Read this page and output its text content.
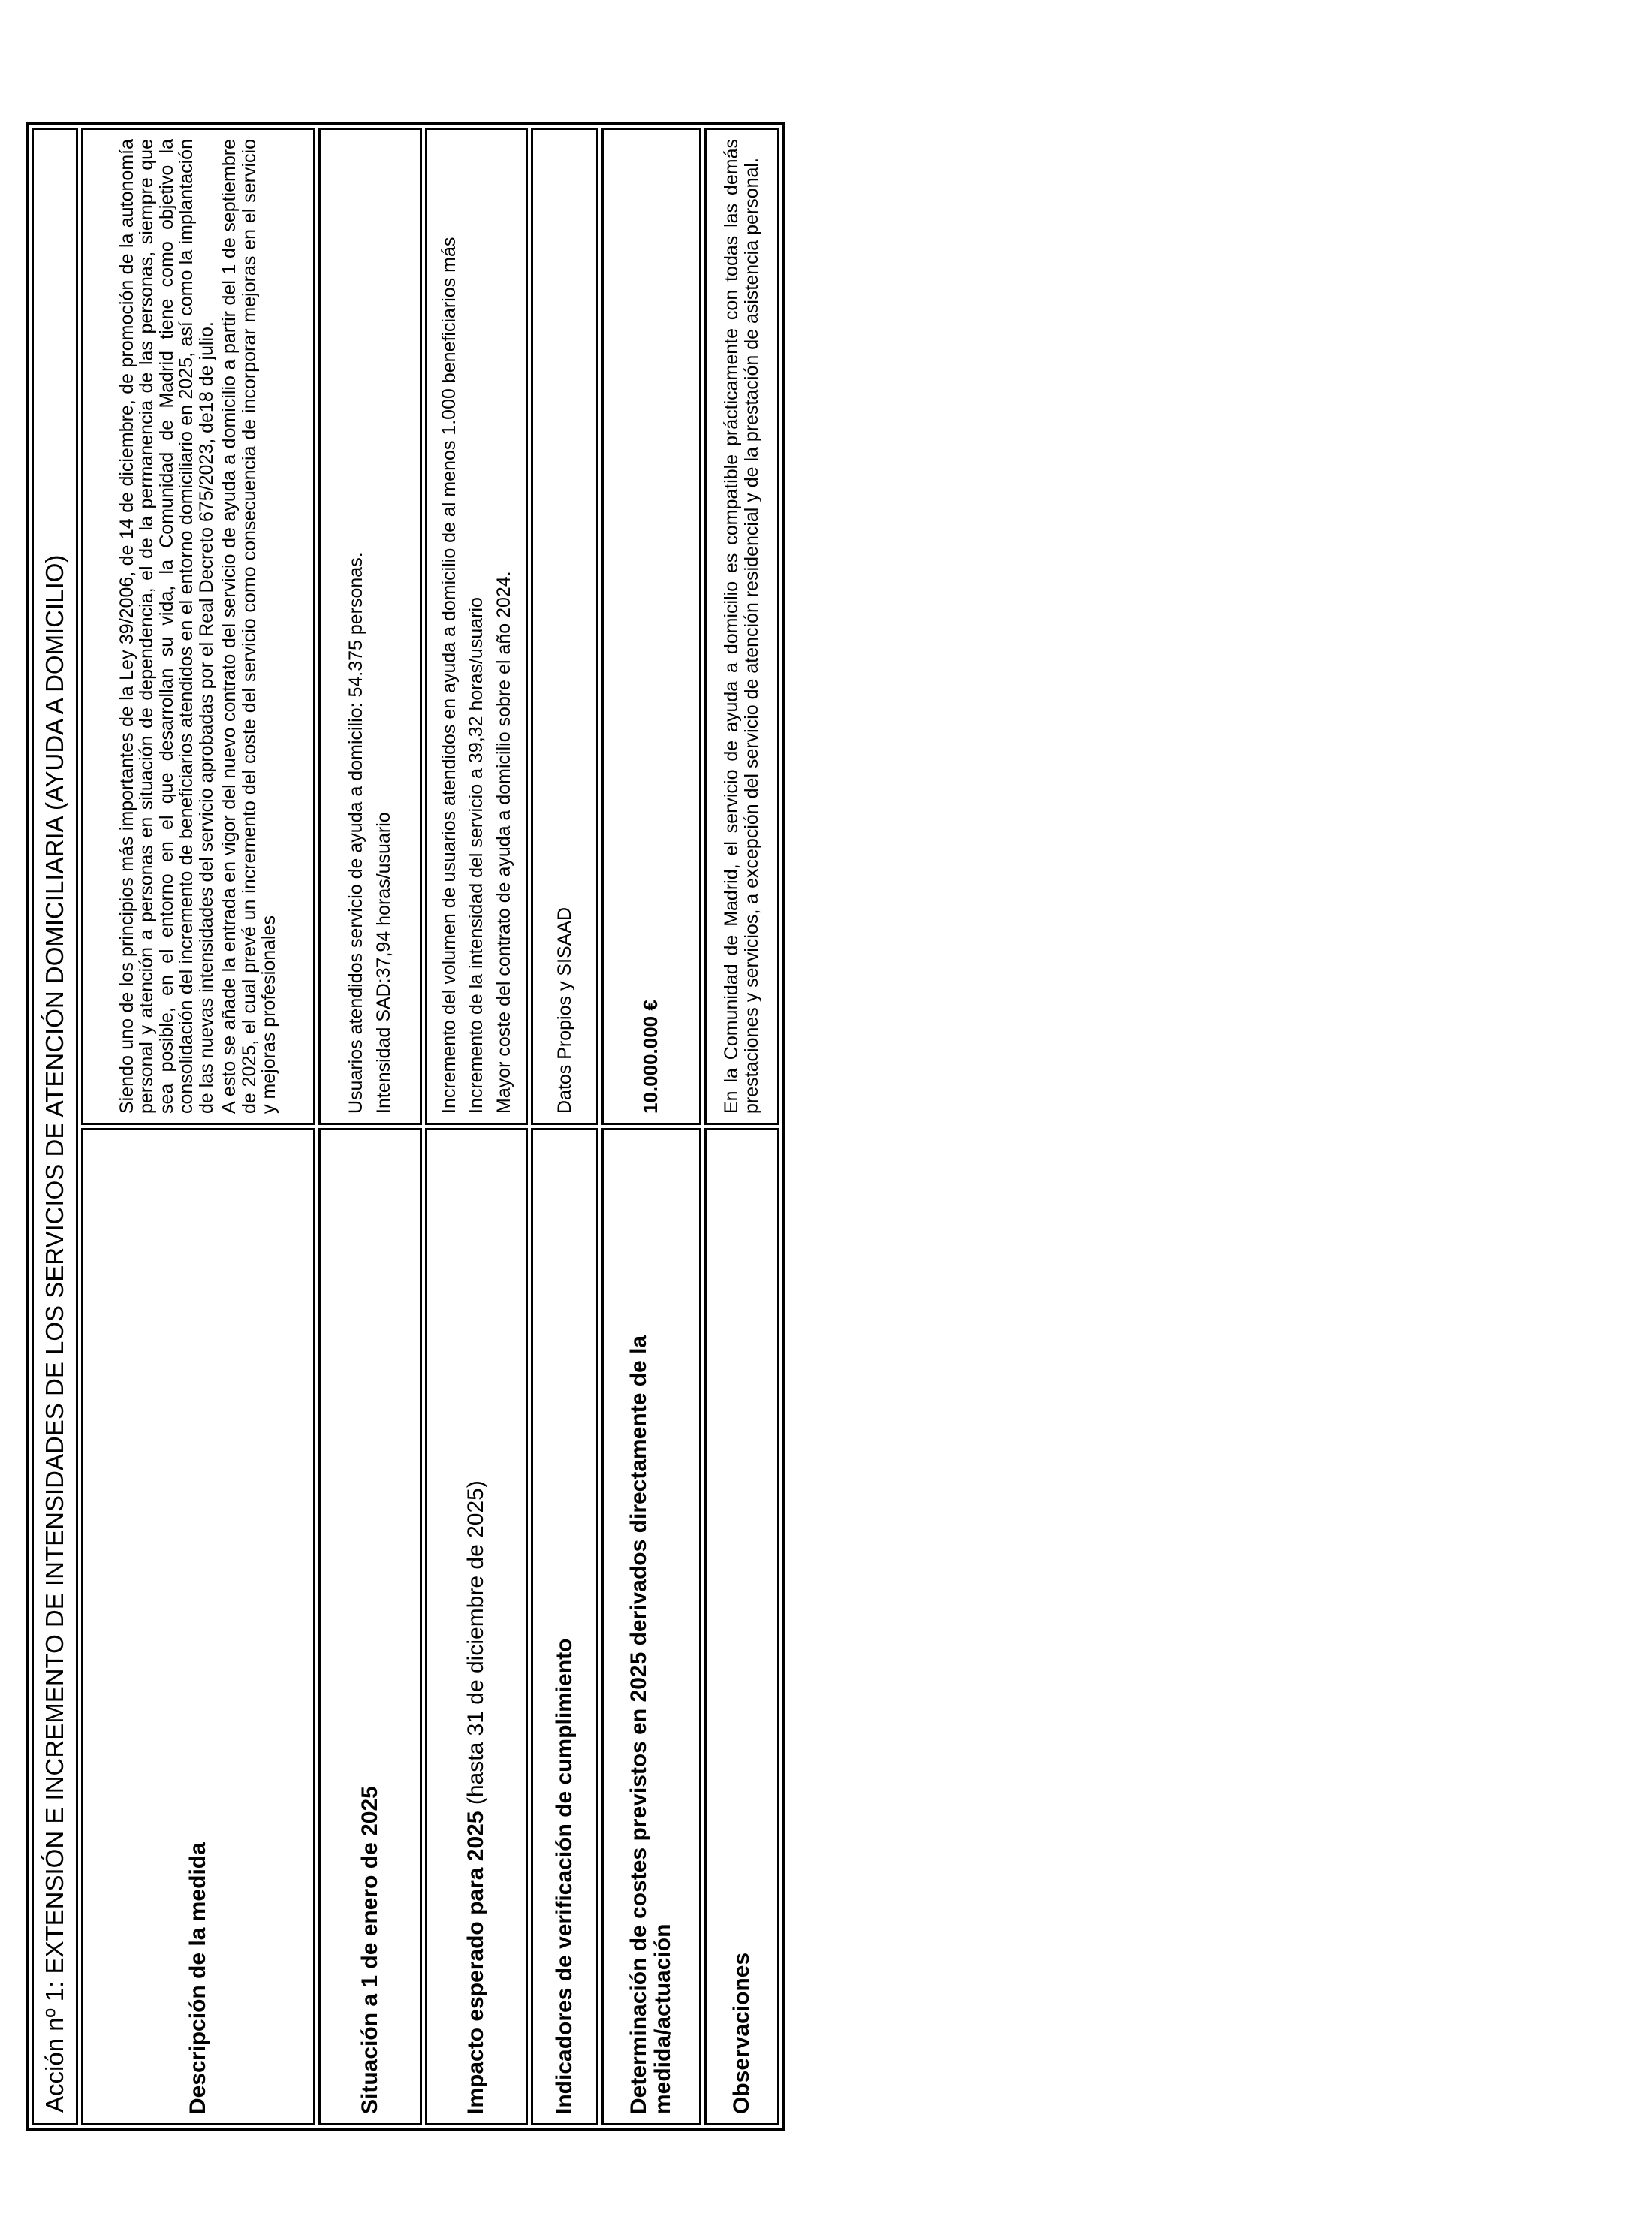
Acción nº 1: EXTENSIÓN E INCREMENTO DE INTENSIDADES DE LOS SERVICIOS DE ATENCIÓN DOMICILIARIA (AYUDA A DOMICILIO)	
Descripción de la medida	Siendo uno de los principios más importantes de la Ley 39/2006, de 14 de diciembre, de promoción de la autonomía personal y atención a personas en situación de dependencia, el de la permanencia de las personas, siempre que sea posible, en el entorno en el que desarrollan su vida, la Comunidad de Madrid tiene como objetivo la consolidación del incremento de beneficiarios atendidos en el entorno domiciliario en 2025, así como la implantación de las nuevas intensidades del servicio aprobadas por el Real Decreto 675/2023, de18 de julio. A esto se añade la entrada en vigor del nuevo contrato del servicio de ayuda a domicilio a partir del 1 de septiembre de 2025, el cual prevé un incremento del coste del servicio como consecuencia de incorporar mejoras en el servicio y mejoras profesionales

Situación a 1 de enero de 2025	Usuarios atendidos servicio de ayuda a domicilio: 54.375 personas. Intensidad SAD:37,94 horas/usuario

Impacto esperado para 2025 (hasta 31 de diciembre de 2025)	Incremento del volumen de usuarios atendidos en ayuda a domicilio de al menos 1.000 beneficiarios más Incremento de la intensidad del servicio a 39,32 horas/usuario Mayor coste del contrato de ayuda a domicilio sobre el año 2024.

Indicadores de verificación de cumplimiento	Datos Propios y SISAAD
Determinación de costes previstos en 2025 derivados directamente de la medida/actuación	10.000.000 €
Observaciones	En la Comunidad de Madrid, el servicio de ayuda a domicilio es compatible prácticamente con todas las demás prestaciones y servicios, a excepción del servicio de atención residencial y de la prestación de asistencia personal.
